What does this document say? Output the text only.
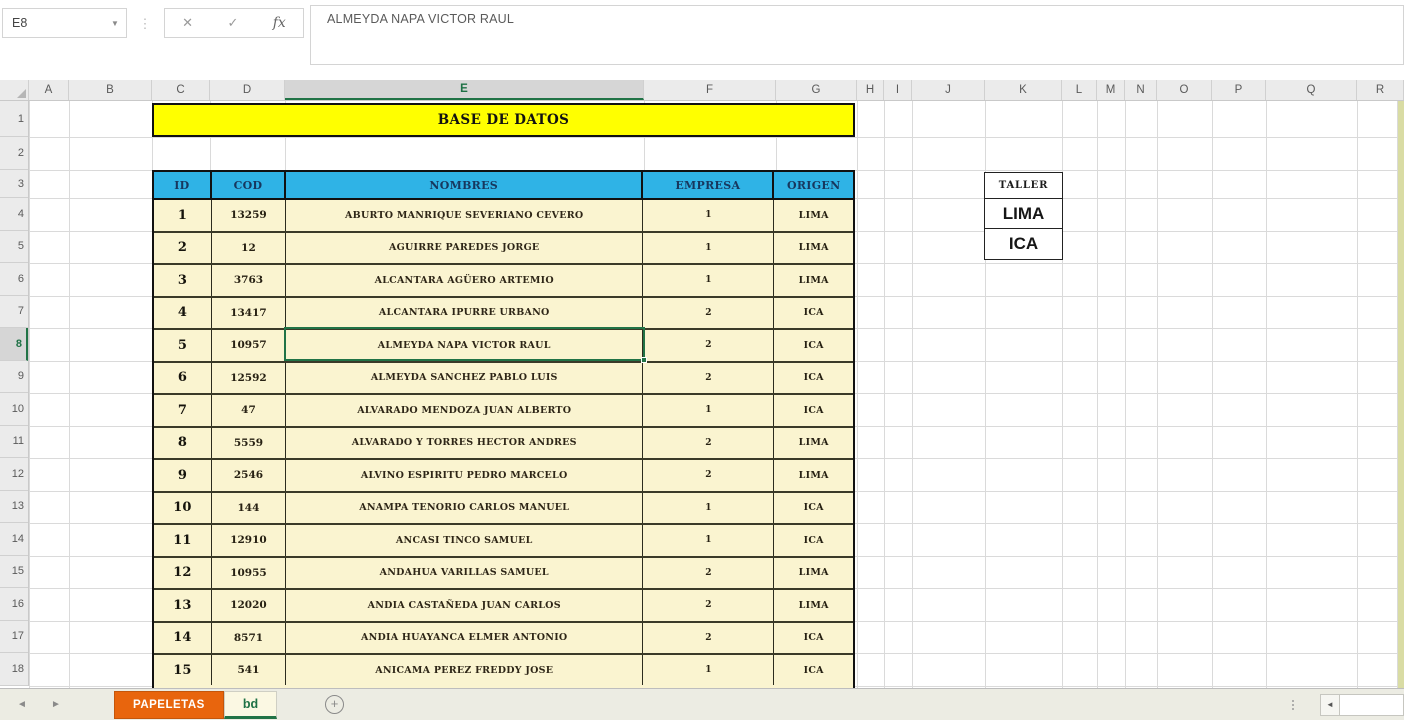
E8	▼	⋮ ✕	✓ fx	ALMEYDA NAPA VICTOR RAUL
A	B	C	D	E	F	G	H	I	J	K	L	M	N	O	P	Q	R
1
2
3
4
5
6
7
8
9
10
11
12
13
14
15
16
17
18
BASE DE DATOS
ID	COD	NOMBRES	EMPRESA	ORIGEN
1	13259	ABURTO MANRIQUE SEVERIANO CEVERO	1	LIMA
2	12	AGUIRRE PAREDES JORGE	1	LIMA
3	3763	ALCANTARA AGÜERO ARTEMIO	1	LIMA
4	13417	ALCANTARA IPURRE URBANO	2	ICA
5	10957	ALMEYDA NAPA VICTOR RAUL	2	ICA
6	12592	ALMEYDA SANCHEZ PABLO LUIS	2	ICA
7	47	ALVARADO MENDOZA JUAN ALBERTO	1	ICA
8	5559	ALVARADO Y TORRES HECTOR ANDRES	2	LIMA
9	2546	ALVINO ESPIRITU PEDRO MARCELO	2	LIMA
10	144	ANAMPA TENORIO CARLOS MANUEL	1	ICA
11	12910	ANCASI TINCO SAMUEL	1	ICA
12	10955	ANDAHUA VARILLAS SAMUEL	2	LIMA
13	12020	ANDIA CASTAÑEDA JUAN CARLOS	2	LIMA
14	8571	ANDIA HUAYANCA ELMER ANTONIO	2	ICA
15	541	ANICAMA PEREZ FREDDY JOSE	1	ICA
TALLER
LIMA
ICA
◄	►	PAPELETAS	bd	+	◄
